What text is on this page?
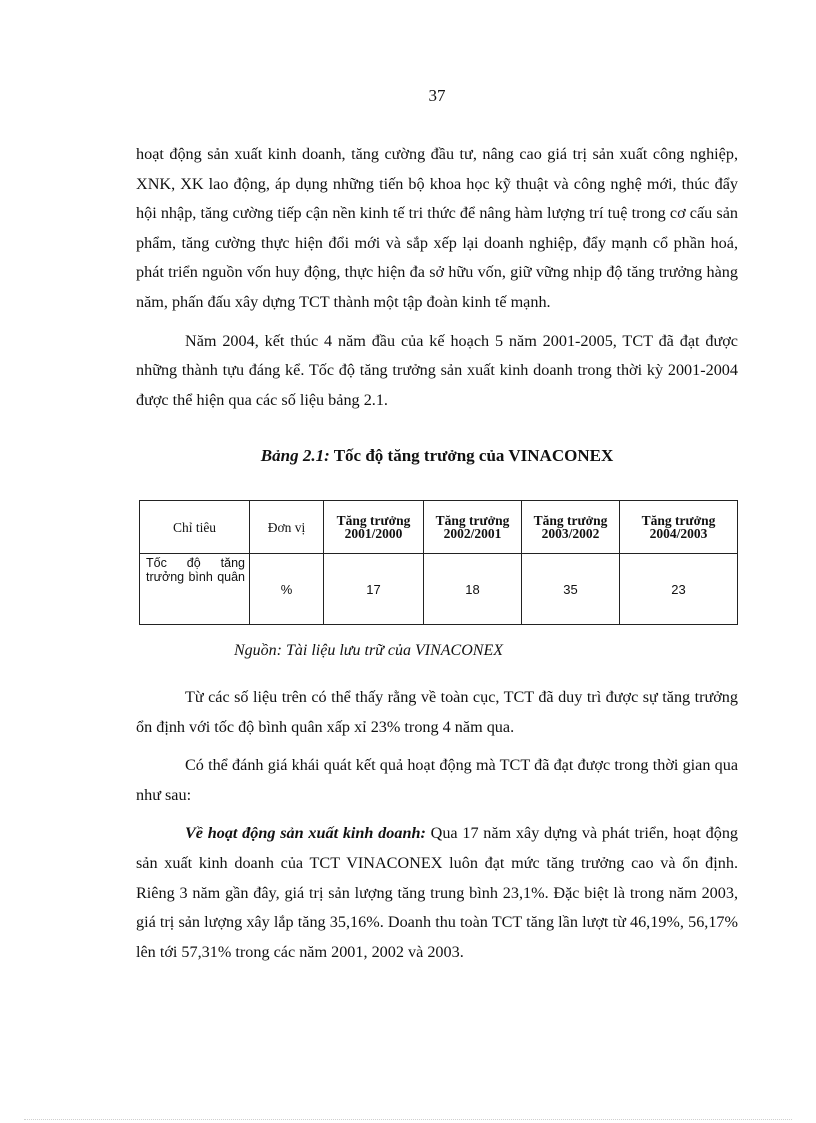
37

hoạt động sản xuất kinh doanh, tăng cường đầu tư, nâng cao giá trị sản xuất công nghiệp, XNK, XK lao động, áp dụng những tiến bộ khoa học kỹ thuật và công nghệ mới, thúc đẩy hội nhập, tăng cường tiếp cận nền kinh tế tri thức để nâng hàm lượng trí tuệ trong cơ cấu sản phẩm, tăng cường thực hiện đổi mới và sắp xếp lại doanh nghiệp, đẩy mạnh cổ phần hoá, phát triển nguồn vốn huy động, thực hiện đa sở hữu vốn, giữ vững nhịp độ tăng trưởng hàng năm, phấn đấu xây dựng TCT thành một tập đoàn kinh tế mạnh.

Năm 2004, kết thúc 4 năm đầu của kế hoạch 5 năm 2001-2005, TCT đã đạt được những thành tựu đáng kể. Tốc độ tăng trưởng sản xuất kinh doanh trong thời kỳ 2001-2004 được thể hiện qua các số liệu bảng 2.1.

Bảng 2.1: Tốc độ tăng trưởng của VINACONEX
Chỉ tiêu	Đơn vị	Tăng trưởng 2001/2000	Tăng trưởng 2002/2001	Tăng trưởng 2003/2002	Tăng trưởng 2004/2003
Tốc độ tăng trưởng bình quân	%	17	18	35	23
Nguồn: Tài liệu lưu trữ của VINACONEX

Từ các số liệu trên có thể thấy rằng về toàn cục, TCT đã duy trì được sự tăng trưởng ổn định với tốc độ bình quân xấp xỉ 23% trong 4 năm qua.

Có thể đánh giá khái quát kết quả hoạt động mà TCT đã đạt được trong thời gian qua như sau:

Về hoạt động sản xuất kinh doanh: Qua 17 năm xây dựng và phát triển, hoạt động sản xuất kinh doanh của TCT VINACONEX luôn đạt mức tăng trưởng cao và ổn định. Riêng 3 năm gần đây, giá trị sản lượng tăng trung bình 23,1%. Đặc biệt là trong năm 2003, giá trị sản lượng xây lắp tăng 35,16%. Doanh thu toàn TCT tăng lần lượt từ 46,19%, 56,17% lên tới 57,31% trong các năm 2001, 2002 và 2003.
